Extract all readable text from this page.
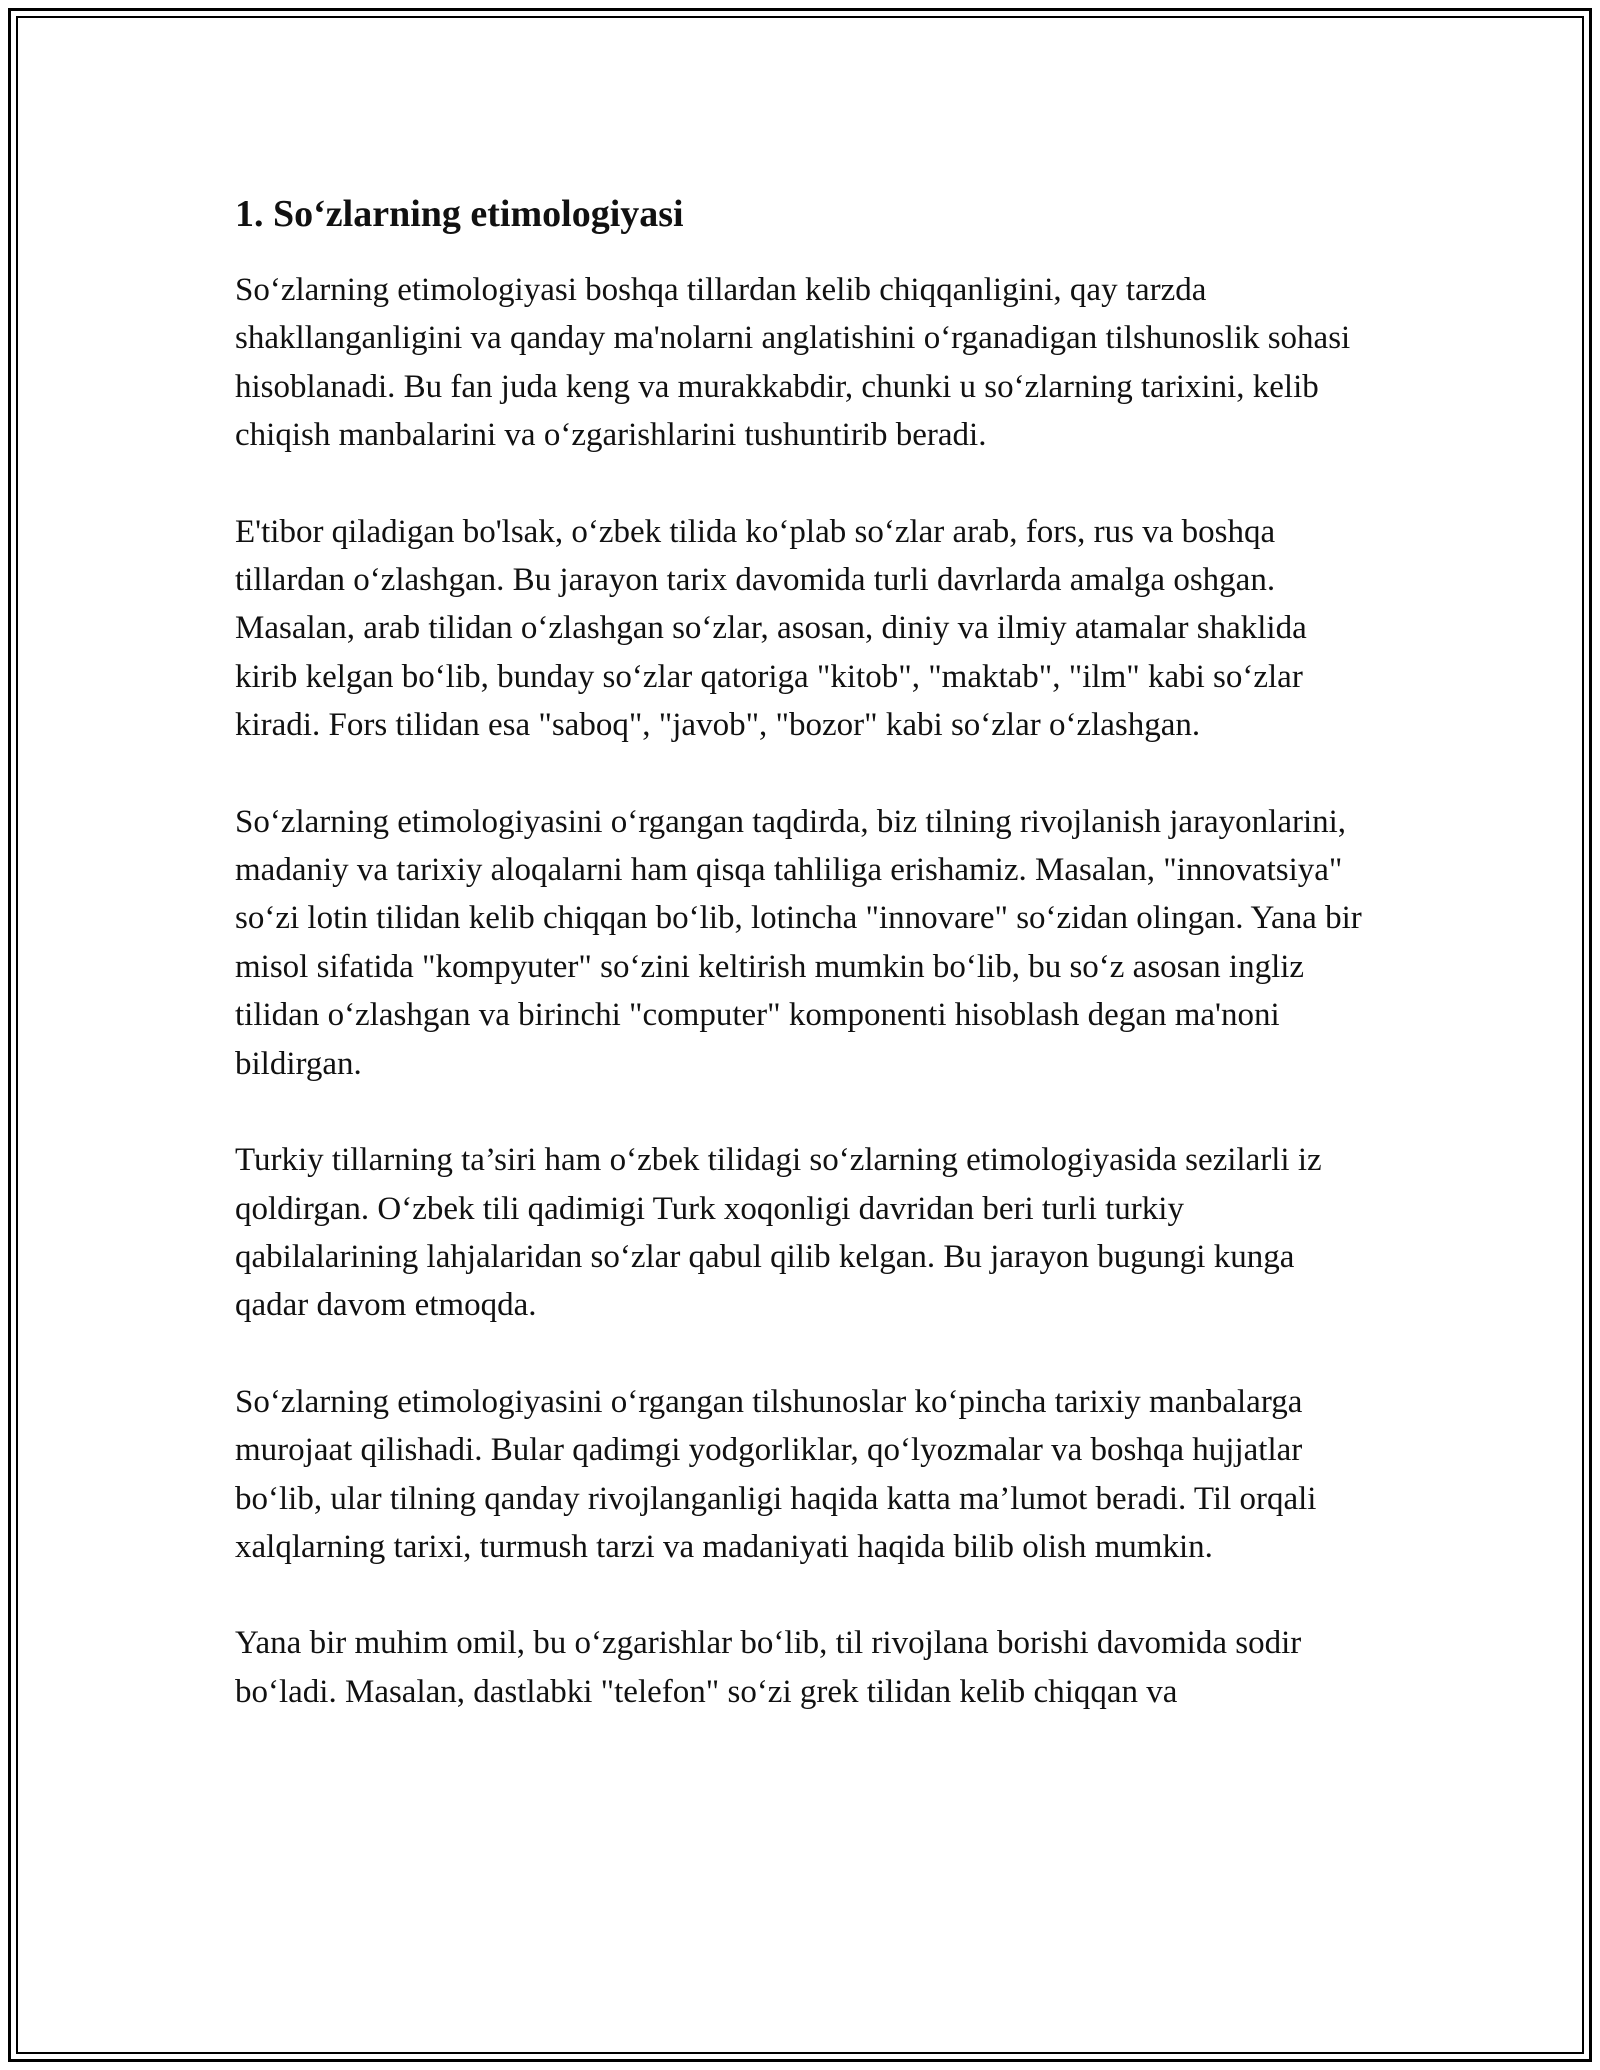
1. So‘zlarning etimologiyasi

So‘zlarning etimologiyasi boshqa tillardan kelib chiqqanligini, qay tarzda shakllanganligini va qanday ma'nolarni anglatishini o‘rganadigan tilshunoslik sohasi hisoblanadi. Bu fan juda keng va murakkabdir, chunki u so‘zlarning tarixini, kelib chiqish manbalarini va o‘zgarishlarini tushuntirib beradi.

E'tibor qiladigan bo'lsak, o‘zbek tilida ko‘plab so‘zlar arab, fors, rus va boshqa tillardan o‘zlashgan. Bu jarayon tarix davomida turli davrlarda amalga oshgan. Masalan, arab tilidan o‘zlashgan so‘zlar, asosan, diniy va ilmiy atamalar shaklida kirib kelgan bo‘lib, bunday so‘zlar qatoriga "kitob", "maktab", "ilm" kabi so‘zlar kiradi. Fors tilidan esa "saboq", "javob", "bozor" kabi so‘zlar o‘zlashgan.

So‘zlarning etimologiyasini o‘rgangan taqdirda, biz tilning rivojlanish jarayonlarini, madaniy va tarixiy aloqalarni ham qisqa tahliliga erishamiz. Masalan, "innovatsiya" so‘zi lotin tilidan kelib chiqqan bo‘lib, lotincha "innovare" so‘zidan olingan. Yana bir misol sifatida "kompyuter" so‘zini keltirish mumkin bo‘lib, bu so‘z asosan ingliz tilidan o‘zlashgan va birinchi "computer" komponenti hisoblash degan ma'noni bildirgan.

Turkiy tillarning ta’siri ham o‘zbek tilidagi so‘zlarning etimologiyasida sezilarli iz qoldirgan. O‘zbek tili qadimigi Turk xoqonligi davridan beri turli turkiy qabilalarining lahjalaridan so‘zlar qabul qilib kelgan. Bu jarayon bugungi kunga qadar davom etmoqda.

So‘zlarning etimologiyasini o‘rgangan tilshunoslar ko‘pincha tarixiy manbalarga murojaat qilishadi. Bular qadimgi yodgorliklar, qo‘lyozmalar va boshqa hujjatlar bo‘lib, ular tilning qanday rivojlanganligi haqida katta ma’lumot beradi. Til orqali xalqlarning tarixi, turmush tarzi va madaniyati haqida bilib olish mumkin.

Yana bir muhim omil, bu o‘zgarishlar bo‘lib, til rivojlana borishi davomida sodir bo‘ladi. Masalan, dastlabki "telefon" so‘zi grek tilidan kelib chiqqan va
